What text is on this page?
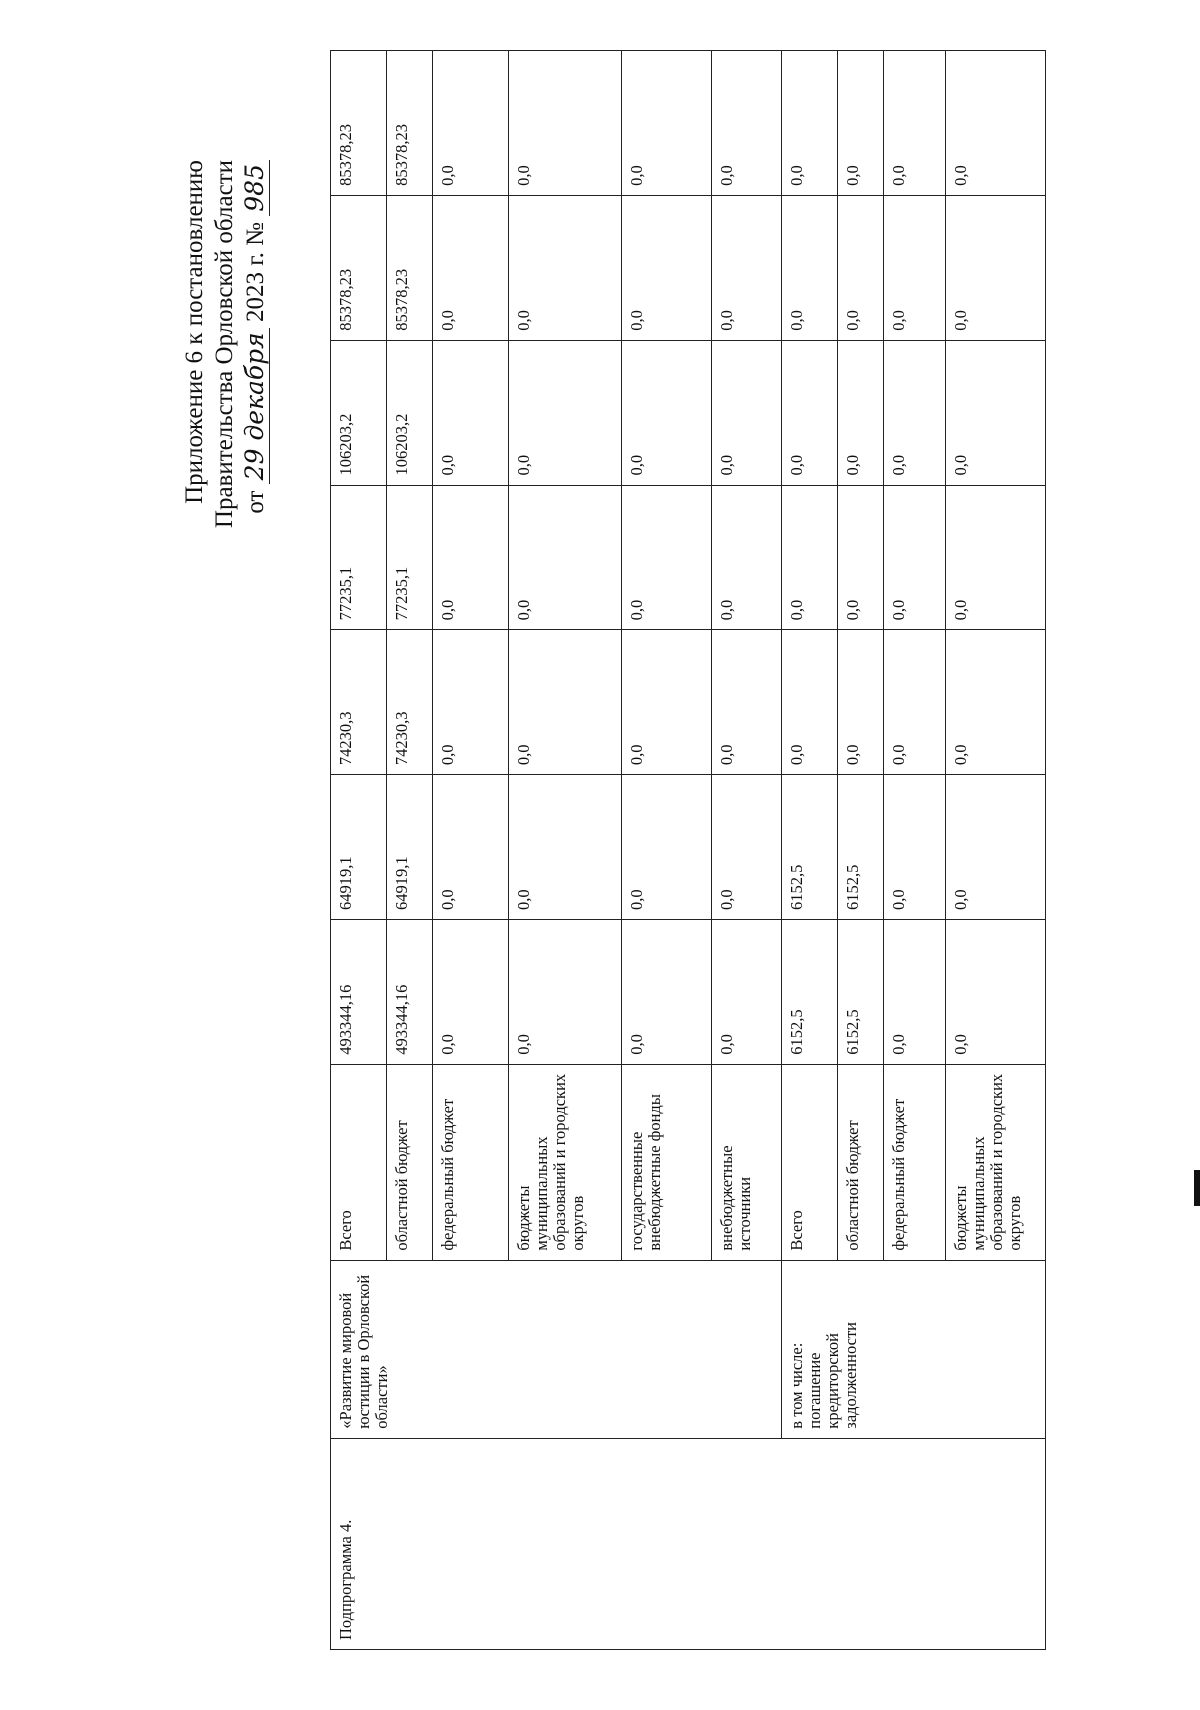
Приложение 6 к постановлению Правительства Орловской области от 29 декабря 2023 г. № 985
Подпрограмма 4.	«Развитие мировой юстиции в Орловской области»	Всего	493344,16	64919,1	74230,3	77235,1	106203,2	85378,23	85378,23
		областной бюджет	493344,16	64919,1	74230,3	77235,1	106203,2	85378,23	85378,23
		федеральный бюджет	0,0	0,0	0,0	0,0	0,0	0,0	0,0
		бюджеты муниципальных образований и городских округов	0,0	0,0	0,0	0,0	0,0	0,0	0,0
		государственные внебюджетные фонды	0,0	0,0	0,0	0,0	0,0	0,0	0,0
		внебюджетные источники	0,0	0,0	0,0	0,0	0,0	0,0	0,0
	в том числе: погашение кредиторской задолженности	Всего	6152,5	6152,5	0,0	0,0	0,0	0,0	0,0
		областной бюджет	6152,5	6152,5	0,0	0,0	0,0	0,0	0,0
		федеральный бюджет	0,0	0,0	0,0	0,0	0,0	0,0	0,0
		бюджеты муниципальных образований и городских округов	0,0	0,0	0,0	0,0	0,0	0,0	0,0
